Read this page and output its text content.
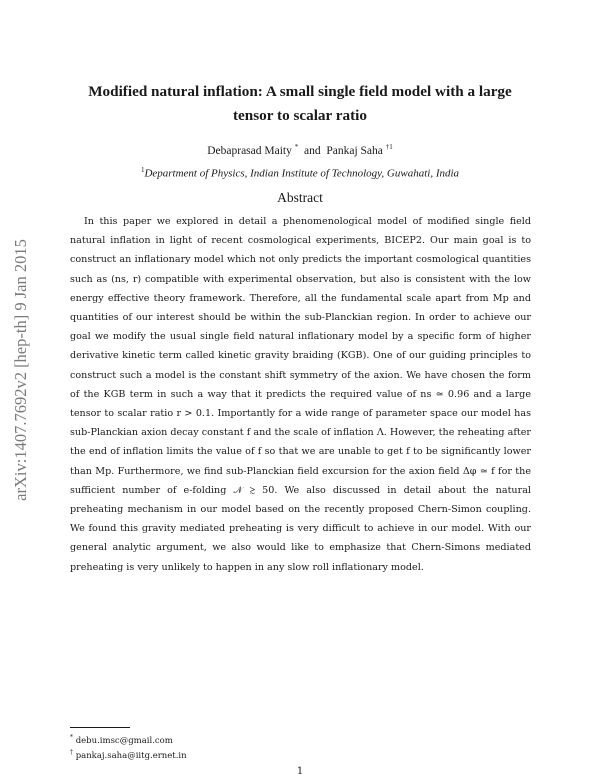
arXiv:1407.7692v2 [hep-th] 9 Jan 2015
Modified natural inflation: A small single field model with a large
tensor to scalar ratio
Debaprasad Maity * and Pankaj Saha $^{\dagger 1}$
$^1$Department of Physics, Indian Institute of Technology, Guwahati, India
Abstract
In this paper we explored in detail a phenomenological model of modified single field natural inflation in light of recent cosmological experiments, BICEP2. Our main goal is to construct an inflationary model which not only predicts the important cosmological quantities such as (ns, r) compatible with experimental observation, but also is consistent with the low energy effective theory framework. Therefore, all the fundamental scale apart from Mp and quantities of our interest should be within the sub-Planckian region. In order to achieve our goal we modify the usual single field natural inflationary model by a specific form of higher derivative kinetic term called kinetic gravity braiding (KGB). One of our guiding principles to construct such a model is the constant shift symmetry of the axion. We have chosen the form of the KGB term in such a way that it predicts the required value of ns ≃ 0.96 and a large tensor to scalar ratio r > 0.1. Importantly for a wide range of parameter space our model has sub-Planckian axion decay constant f and the scale of inflation Λ. However, the reheating after the end of inflation limits the value of f so that we are unable to get f to be significantly lower than Mp. Furthermore, we find sub-Planckian field excursion for the axion field Δφ ≃ f for the sufficient number of e-folding 𝒩 ≳ 50. We also discussed in detail about the natural preheating mechanism in our model based on the recently proposed Chern-Simon coupling. We found this gravity mediated preheating is very difficult to achieve in our model. With our general analytic argument, we also would like to emphasize that Chern-Simons mediated preheating is very unlikely to happen in any slow roll inflationary model.
* debu.imsc@gmail.com
† pankaj.saha@iitg.ernet.in
1
